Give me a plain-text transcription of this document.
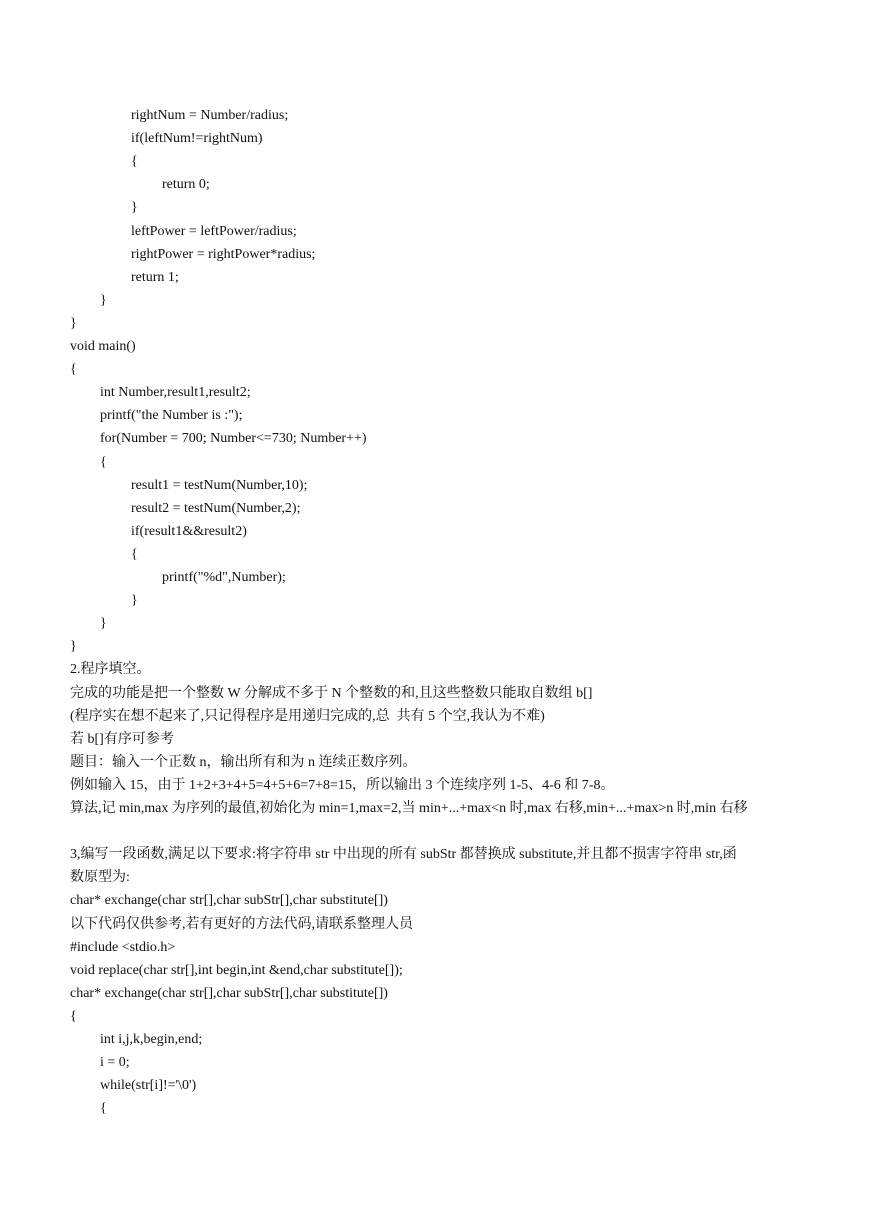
rightNum = Number/radius;
if(leftNum!=rightNum)
{
return 0;
}
leftPower = leftPower/radius;
rightPower = rightPower*radius;
return 1;
}
}
void main()
{
int Number,result1,result2;
printf("the Number is :");
for(Number = 700; Number<=730; Number++)
{
result1 = testNum(Number,10);
result2 = testNum(Number,2);
if(result1&&result2)
{
printf("%d",Number);
}
}
}
2.程序填空。
完成的功能是把一个整数 W 分解成不多于 N 个整数的和,且这些整数只能取自数组 b[]
(程序实在想不起来了,只记得程序是用递归完成的,总  共有 5 个空,我认为不难)
若 b[]有序可参考
题目：输入一个正数 n，输出所有和为 n 连续正数序列。
例如输入 15，由于 1+2+3+4+5=4+5+6=7+8=15，所以输出 3 个连续序列 1-5、4-6 和 7-8。
算法,记 min,max 为序列的最值,初始化为 min=1,max=2,当 min+...+max<n 时,max 右移,min+...+max>n 时,min 右移
3,编写一段函数,满足以下要求:将字符串 str 中出现的所有 subStr 都替换成 substitute,并且都不损害字符串 str,函
数原型为:
char* exchange(char str[],char subStr[],char substitute[])
以下代码仅供参考,若有更好的方法代码,请联系整理人员
#include <stdio.h>
void replace(char str[],int begin,int &end,char substitute[]);
char* exchange(char str[],char subStr[],char substitute[])
{
int i,j,k,begin,end;
i = 0;
while(str[i]!='\0')
{
